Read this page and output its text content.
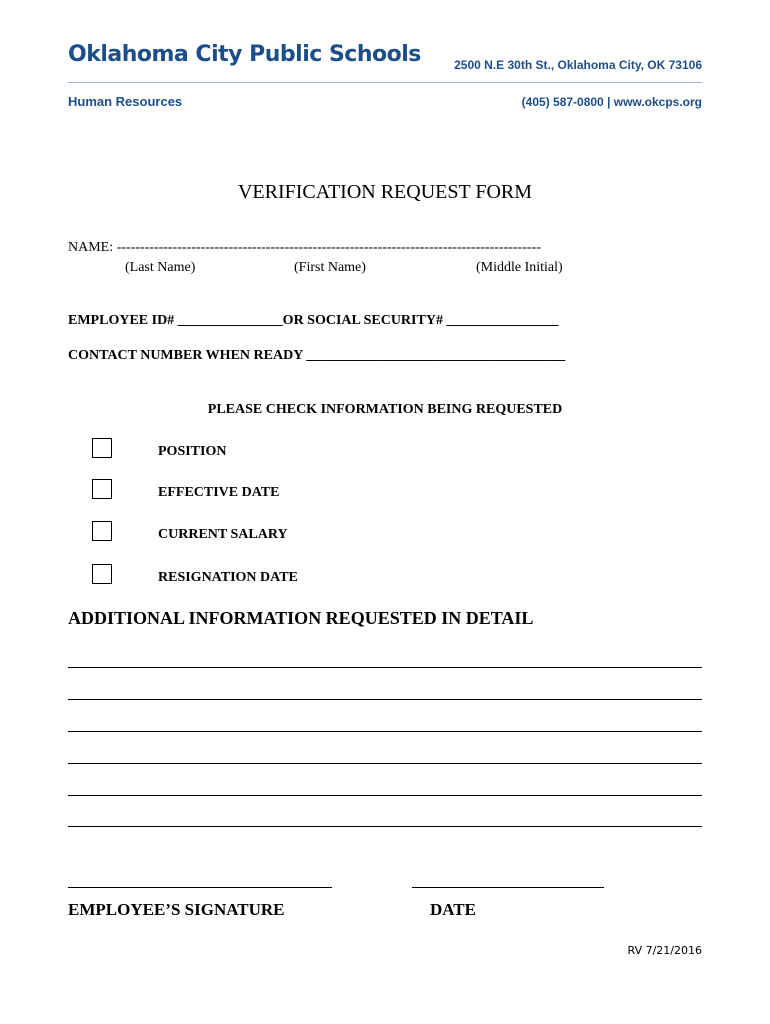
Oklahoma City Public Schools	2500 N.E 30th St., Oklahoma City, OK 73106
Human Resources	(405) 587-0800 | www.okcps.org
VERIFICATION REQUEST FORM
NAME: -------------------------------------------------------------------------------------------
(Last Name)	(First Name)	(Middle Initial)
EMPLOYEE ID# _______________OR SOCIAL SECURITY# ________________
CONTACT NUMBER WHEN READY _____________________________________
PLEASE CHECK INFORMATION BEING REQUESTED
POSITION
EFFECTIVE DATE
CURRENT SALARY
RESIGNATION DATE
ADDITIONAL INFORMATION REQUESTED IN DETAIL
EMPLOYEE’S SIGNATURE	DATE
RV 7/21/2016
